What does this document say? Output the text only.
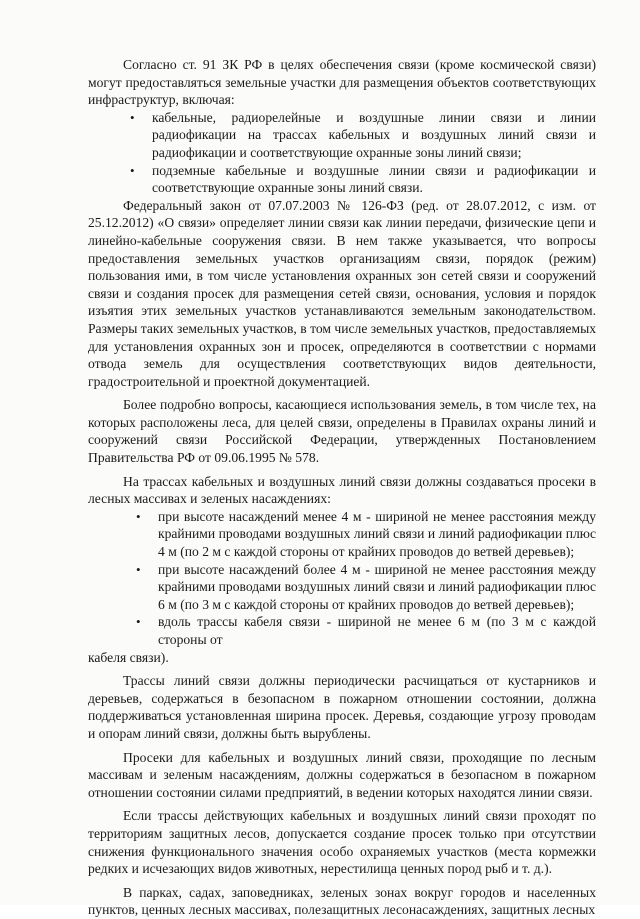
Согласно ст. 91 ЗК РФ в целях обеспечения связи (кроме космической связи) могут предоставляться земельные участки для размещения объектов соответствующих инфраструктур, включая:

• кабельные, радиорелейные и воздушные линии связи и линии радиофикации на трассах кабельных и воздушных линий связи и радиофикации и соответствующие охранные зоны линий связи;
• подземные кабельные и воздушные линии связи и радиофикации и соответствующие охранные зоны линий связи.

Федеральный закон от 07.07.2003 № 126-ФЗ (ред. от 28.07.2012, с изм. от 25.12.2012) «О связи» определяет линии связи как линии передачи, физические цепи и линейно-кабельные сооружения связи. В нем также указывается, что вопросы предоставления земельных участков организациям связи, порядок (режим) пользования ими, в том числе установления охранных зон сетей связи и сооружений связи и создания просек для размещения сетей связи, основания, условия и порядок изъятия этих земельных участков устанавливаются земельным законодательством. Размеры таких земельных участков, в том числе земельных участков, предоставляемых для установления охранных зон и просек, определяются в соответствии с нормами отвода земель для осуществления соответствующих видов деятельности, градостроительной и проектной документацией.

Более подробно вопросы, касающиеся использования земель, в том числе тех, на которых расположены леса, для целей связи, определены в Правилах охраны линий и сооружений связи Российской Федерации, утвержденных Постановлением Правительства РФ от 09.06.1995 № 578.

На трассах кабельных и воздушных линий связи должны создаваться просеки в лесных массивах и зеленых насаждениях:

• при высоте насаждений менее 4 м - шириной не менее расстояния между крайними проводами воздушных линий связи и линий радиофикации плюс 4 м (по 2 м с каждой стороны от крайних проводов до ветвей деревьев);
• при высоте насаждений более 4 м - шириной не менее расстояния между крайними проводами воздушных линий связи и линий радиофикации плюс 6 м (по 3 м с каждой стороны от крайних проводов до ветвей деревьев);
• вдоль трассы кабеля связи - шириной не менее 6 м (по 3 м с каждой стороны от

кабеля связи).

Трассы линий связи должны периодически расчищаться от кустарников и деревьев, содержаться в безопасном в пожарном отношении состоянии, должна поддерживаться установленная ширина просек. Деревья, создающие угрозу проводам и опорам линий связи, должны быть вырублены.

Просеки для кабельных и воздушных линий связи, проходящие по лесным массивам и зеленым насаждениям, должны содержаться в безопасном в пожарном отношении состоянии силами предприятий, в ведении которых находятся линии связи.

Если трассы действующих кабельных и воздушных линий связи проходят по территориям защитных лесов, допускается создание просек только при отсутствии снижения функционального значения особо охраняемых участков (места кормежки редких и исчезающих видов животных, нерестилища ценных пород рыб и т. д.).

В парках, садах, заповедниках, зеленых зонах вокруг городов и населенных пунктов, ценных лесных массивах, полезащитных лесонасаждениях, защитных лесных
